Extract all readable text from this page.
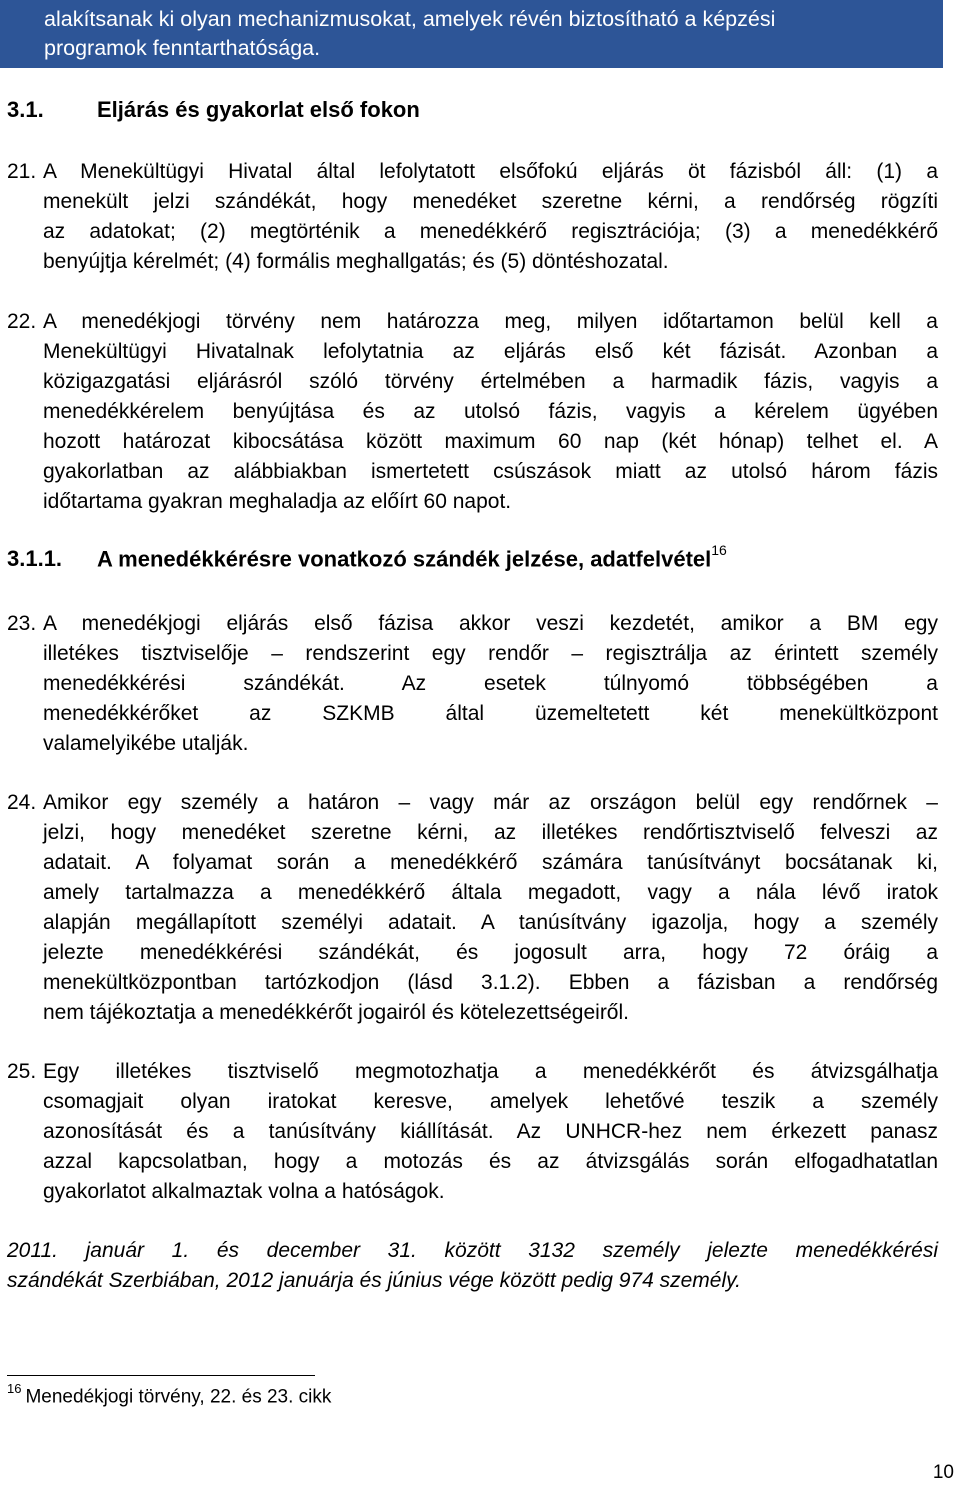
alakítsanak ki olyan mechanizmusokat, amelyek révén biztosítható a képzési
programok fenntarthatósága.
3.1. Eljárás és gyakorlat első fokon
21. A Menekültügyi Hivatal által lefolytatott elsőfokú eljárás öt fázisból áll: (1) a
menekült jelzi szándékát, hogy menedéket szeretne kérni, a rendőrség rögzíti
az adatokat; (2) megtörténik a menedékkérő regisztrációja; (3) a menedékkérő
benyújtja kérelmét; (4) formális meghallgatás; és (5) döntéshozatal.
22. A menedékjogi törvény nem határozza meg, milyen időtartamon belül kell a
Menekültügyi Hivatalnak lefolytatnia az eljárás első két fázisát. Azonban a
közigazgatási eljárásról szóló törvény értelmében a harmadik fázis, vagyis a
menedékkérelem benyújtása és az utolsó fázis, vagyis a kérelem ügyében
hozott határozat kibocsátása között maximum 60 nap (két hónap) telhet el. A
gyakorlatban az alábbiakban ismertetett csúszások miatt az utolsó három fázis
időtartama gyakran meghaladja az előírt 60 napot.
3.1.1. A menedékkérésre vonatkozó szándék jelzése, adatfelvétel$^{16}$
23. A menedékjogi eljárás első fázisa akkor veszi kezdetét, amikor a BM egy
illetékes tisztviselője – rendszerint egy rendőr – regisztrálja az érintett személy
menedékkérési szándékát. Az esetek túlnyomó többségében a
menedékkérőket az SZKMB által üzemeltetett két menekültközpont
valamelyikébe utalják.
24. Amikor egy személy a határon – vagy már az országon belül egy rendőrnek –
jelzi, hogy menedéket szeretne kérni, az illetékes rendőrtisztviselő felveszi az
adatait. A folyamat során a menedékkérő számára tanúsítványt bocsátanak ki,
amely tartalmazza a menedékkérő általa megadott, vagy a nála lévő iratok
alapján megállapított személyi adatait. A tanúsítvány igazolja, hogy a személy
jelezte menedékkérési szándékát, és jogosult arra, hogy 72 óráig a
menekültközpontban tartózkodjon (lásd 3.1.2). Ebben a fázisban a rendőrség
nem tájékoztatja a menedékkérőt jogairól és kötelezettségeiről.
25. Egy illetékes tisztviselő megmotozhatja a menedékkérőt és átvizsgálhatja
csomagjait olyan iratokat keresve, amelyek lehetővé teszik a személy
azonosítását és a tanúsítvány kiállítását. Az UNHCR-hez nem érkezett panasz
azzal kapcsolatban, hogy a motozás és az átvizsgálás során elfogadhatatlan
gyakorlatot alkalmaztak volna a hatóságok.
2011. január 1. és december 31. között 3132 személy jelezte menedékkérési
szándékát Szerbiában, 2012 januárja és június vége között pedig 974 személy.
$^{16}$ Menedékjogi törvény, 22. és 23. cikk
10
